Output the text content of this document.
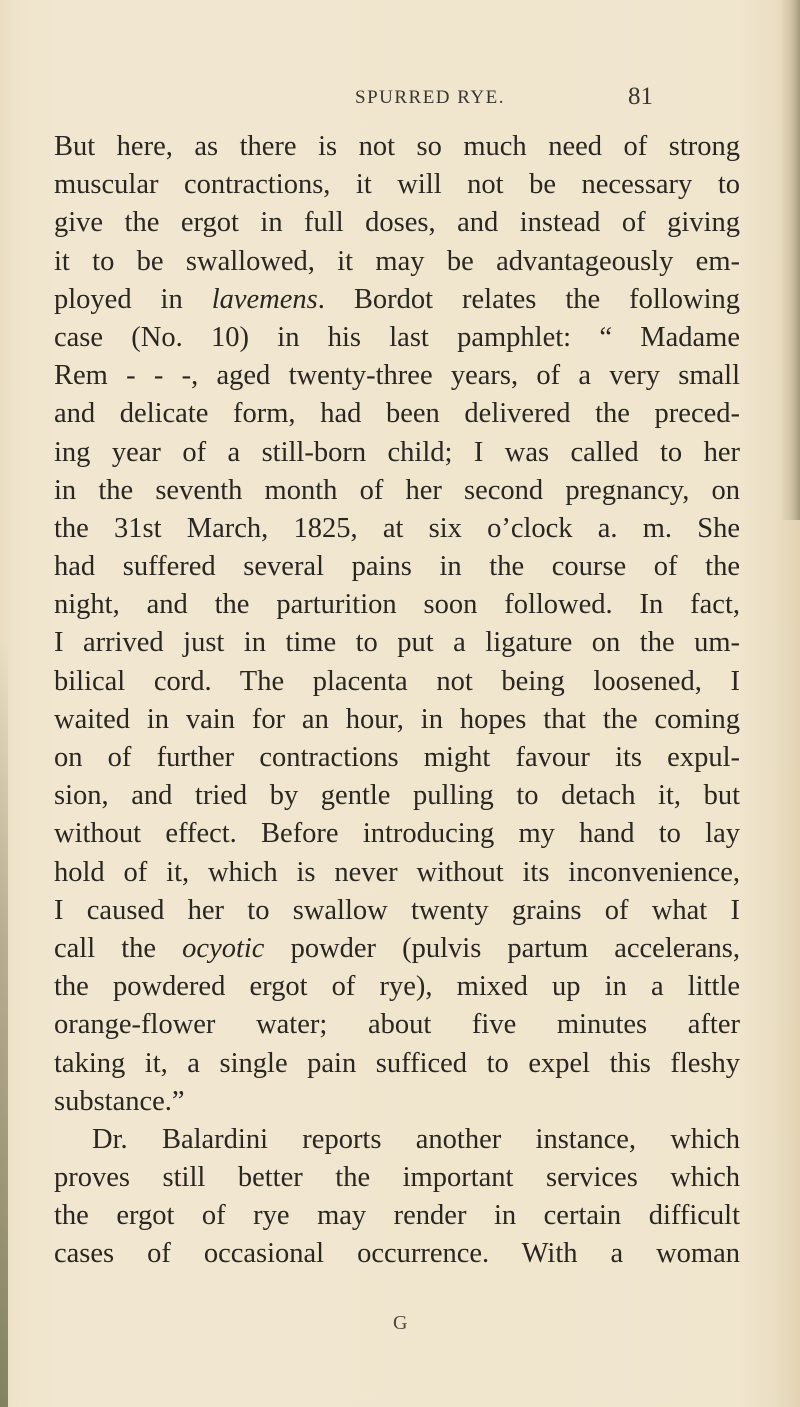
SPURRED RYE.	81
But here, as there is not so much need of strong
muscular contractions, it will not be necessary to
give the ergot in full doses, and instead of giving
it to be swallowed, it may be advantageously em-
ployed in lavemens. Bordot relates the following
case (No. 10) in his last pamphlet: “ Madame
Rem - - -, aged twenty-three years, of a very small
and delicate form, had been delivered the preced-
ing year of a still-born child; I was called to her
in the seventh month of her second pregnancy, on
the 31st March, 1825, at six o’clock a. m. She
had suffered several pains in the course of the
night, and the parturition soon followed. In fact,
I arrived just in time to put a ligature on the um-
bilical cord. The placenta not being loosened, I
waited in vain for an hour, in hopes that the coming
on of further contractions might favour its expul-
sion, and tried by gentle pulling to detach it, but
without effect. Before introducing my hand to lay
hold of it, which is never without its inconvenience,
I caused her to swallow twenty grains of what I
call the ocyotic powder (pulvis partum accelerans,
the powdered ergot of rye), mixed up in a little
orange-flower water; about five minutes after
taking it, a single pain sufficed to expel this fleshy
substance.”
Dr. Balardini reports another instance, which
proves still better the important services which
the ergot of rye may render in certain difficult
cases of occasional occurrence. With a woman
G
